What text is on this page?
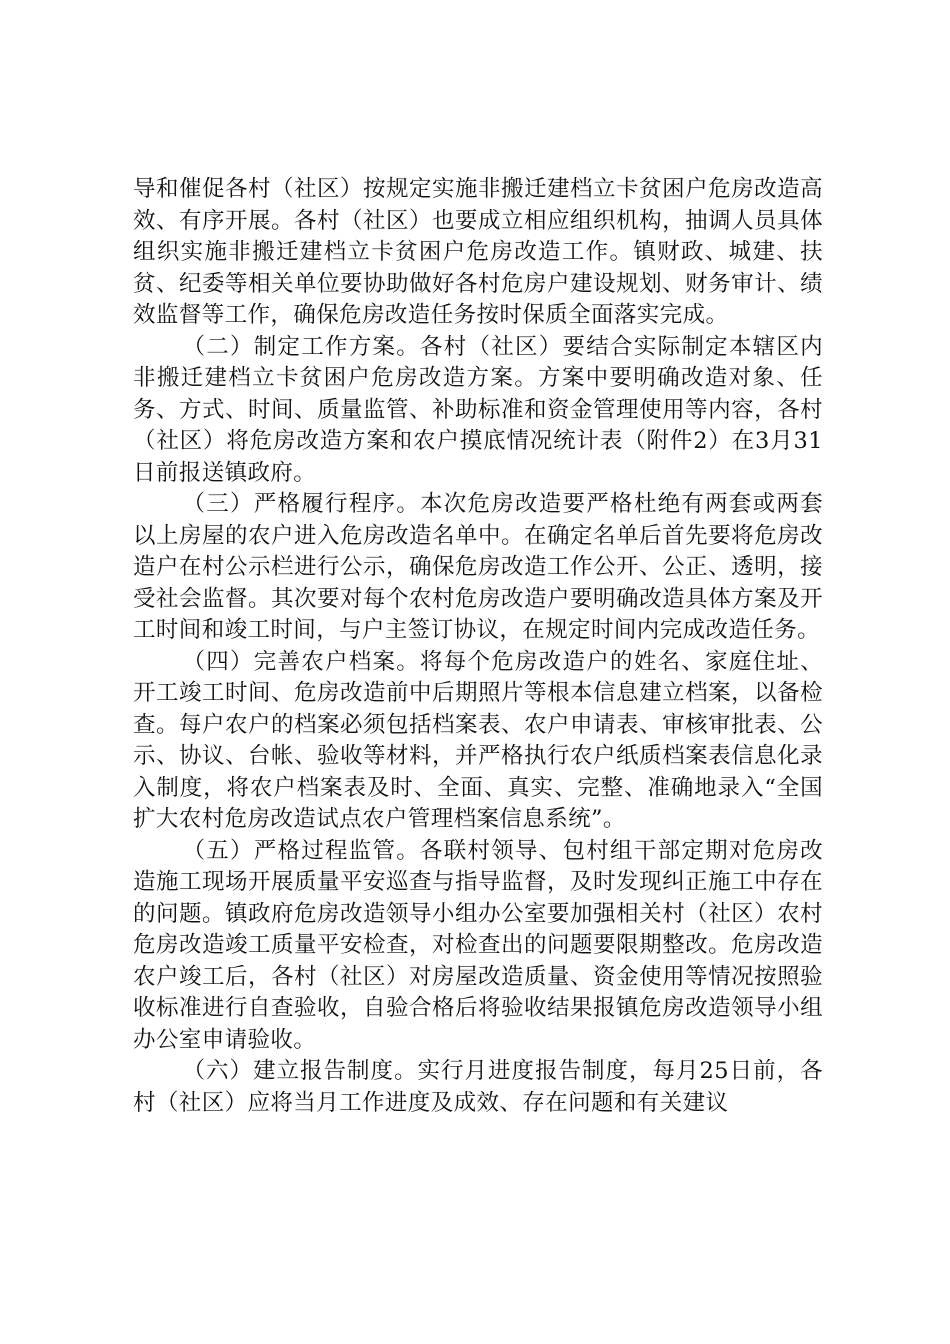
导和催促各村（社区）按规定实施非搬迁建档立卡贫困户危房改造高效、有序开展。各村（社区）也要成立相应组织机构，抽调人员具体组织实施非搬迁建档立卡贫困户危房改造工作。镇财政、城建、扶贫、纪委等相关单位要协助做好各村危房户建设规划、财务审计、绩效监督等工作，确保危房改造任务按时保质全面落实完成。

（二）制定工作方案。各村（社区）要结合实际制定本辖区内非搬迁建档立卡贫困户危房改造方案。方案中要明确改造对象、任务、方式、时间、质量监管、补助标准和资金管理使用等内容，各村（社区）将危房改造方案和农户摸底情况统计表（附件2）在3月31日前报送镇政府。

（三）严格履行程序。本次危房改造要严格杜绝有两套或两套以上房屋的农户进入危房改造名单中。在确定名单后首先要将危房改造户在村公示栏进行公示，确保危房改造工作公开、公正、透明，接受社会监督。其次要对每个农村危房改造户要明确改造具体方案及开工时间和竣工时间，与户主签订协议，在规定时间内完成改造任务。

（四）完善农户档案。将每个危房改造户的姓名、家庭住址、开工竣工时间、危房改造前中后期照片等根本信息建立档案，以备检查。每户农户的档案必须包括档案表、农户申请表、审核审批表、公示、协议、台帐、验收等材料，并严格执行农户纸质档案表信息化录入制度，将农户档案表及时、全面、真实、完整、准确地录入“全国扩大农村危房改造试点农户管理档案信息系统”。

（五）严格过程监管。各联村领导、包村组干部定期对危房改造施工现场开展质量平安巡查与指导监督，及时发现纠正施工中存在的问题。镇政府危房改造领导小组办公室要加强相关村（社区）农村危房改造竣工质量平安检查，对检查出的问题要限期整改。危房改造农户竣工后，各村（社区）对房屋改造质量、资金使用等情况按照验收标准进行自查验收，自验合格后将验收结果报镇危房改造领导小组办公室申请验收。

（六）建立报告制度。实行月进度报告制度，每月25日前，各村（社区）应将当月工作进度及成效、存在问题和有关建议
